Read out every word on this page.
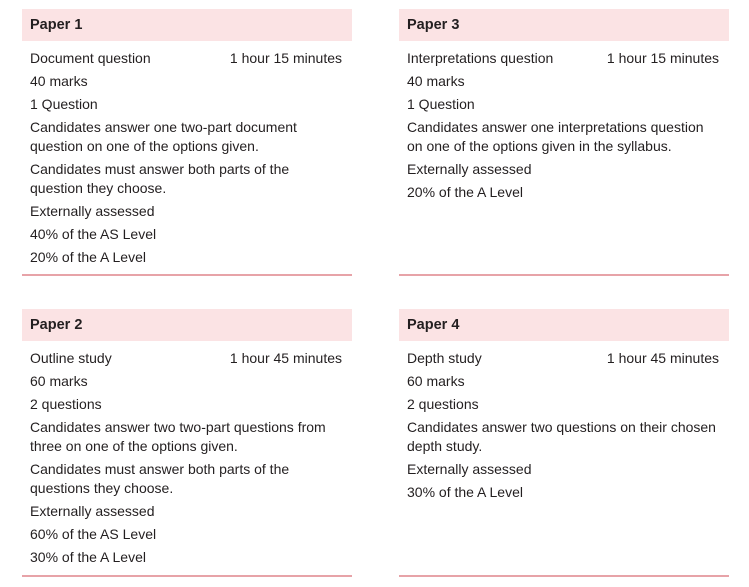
Paper 1
Document question	1 hour 15 minutes
40 marks
1 Question
Candidates answer one two-part document question on one of the options given.
Candidates must answer both parts of the question they choose.
Externally assessed
40% of the AS Level
20% of the A Level
Paper 3
Interpretations question	1 hour 15 minutes
40 marks
1 Question
Candidates answer one interpretations question on one of the options given in the syllabus.
Externally assessed
20% of the A Level
Paper 2
Outline study	1 hour 45 minutes
60 marks
2 questions
Candidates answer two two-part questions from three on one of the options given.
Candidates must answer both parts of the questions they choose.
Externally assessed
60% of the AS Level
30% of the A Level
Paper 4
Depth study	1 hour 45 minutes
60 marks
2 questions
Candidates answer two questions on their chosen depth study.
Externally assessed
30% of the A Level
